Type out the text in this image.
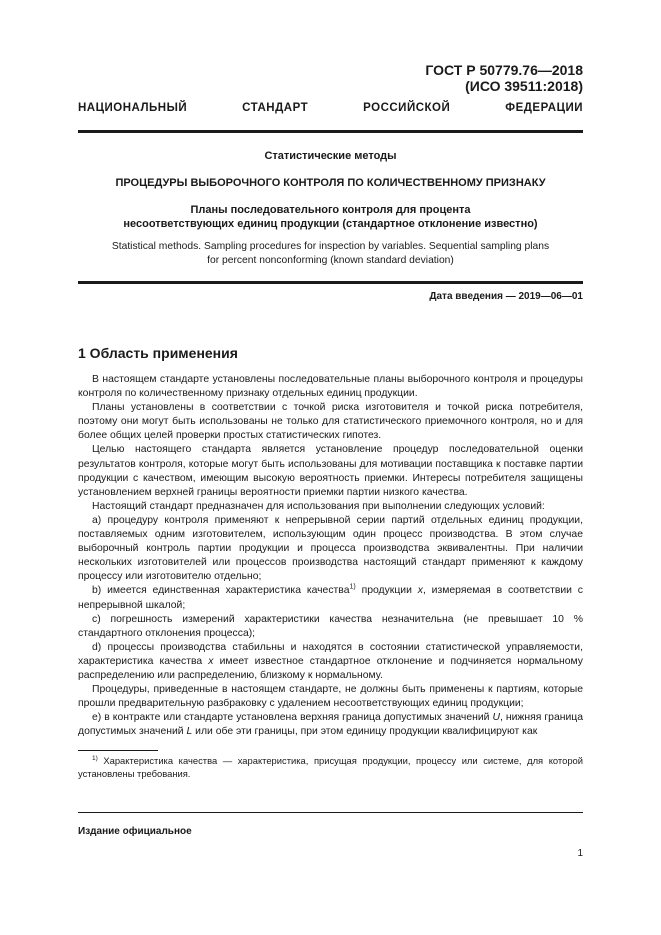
ГОСТ Р 50779.76—2018
(ИСО 39511:2018)
НАЦИОНАЛЬНЫЙ СТАНДАРТ РОССИЙСКОЙ ФЕДЕРАЦИИ
Статистические методы
ПРОЦЕДУРЫ ВЫБОРОЧНОГО КОНТРОЛЯ ПО КОЛИЧЕСТВЕННОМУ ПРИЗНАКУ
Планы последовательного контроля для процента
несоответствующих единиц продукции (стандартное отклонение известно)
Statistical methods. Sampling procedures for inspection by variables. Sequential sampling plans
for percent nonconforming (known standard deviation)
Дата введения — 2019—06—01
1 Область применения

В настоящем стандарте установлены последовательные планы выборочного контроля и процедуры контроля по количественному признаку отдельных единиц продукции.

Планы установлены в соответствии с точкой риска изготовителя и точкой риска потребителя, поэтому они могут быть использованы не только для статистического приемочного контроля, но и для более общих целей проверки простых статистических гипотез.

Целью настоящего стандарта является установление процедур последовательной оценки результатов контроля, которые могут быть использованы для мотивации поставщика к поставке партии продукции с качеством, имеющим высокую вероятность приемки. Интересы потребителя защищены установлением верхней границы вероятности приемки партии низкого качества.

Настоящий стандарт предназначен для использования при выполнении следующих условий:

а) процедуру контроля применяют к непрерывной серии партий отдельных единиц продукции, поставляемых одним изготовителем, использующим один процесс производства. В этом случае выборочный контроль партии продукции и процесса производства эквивалентны. При наличии нескольких изготовителей или процессов производства настоящий стандарт применяют к каждому процессу или изготовителю отдельно;

b) имеется единственная характеристика качества$^{1)}$ продукции x, измеряемая в соответствии с непрерывной шкалой;

c) погрешность измерений характеристики качества незначительна (не превышает 10 % стандартного отклонения процесса);

d) процессы производства стабильны и находятся в состоянии статистической управляемости, характеристика качества x имеет известное стандартное отклонение и подчиняется нормальному распределению или распределению, близкому к нормальному.

Процедуры, приведенные в настоящем стандарте, не должны быть применены к партиям, которые прошли предварительную разбраковку с удалением несоответствующих единиц продукции;

e) в контракте или стандарте установлена верхняя граница допустимых значений U, нижняя граница допустимых значений L или обе эти границы, при этом единицу продукции квалифицируют как

$^{1)}$ Характеристика качества — характеристика, присущая продукции, процессу или системе, для которой установлены требования.

Издание официальное
1
